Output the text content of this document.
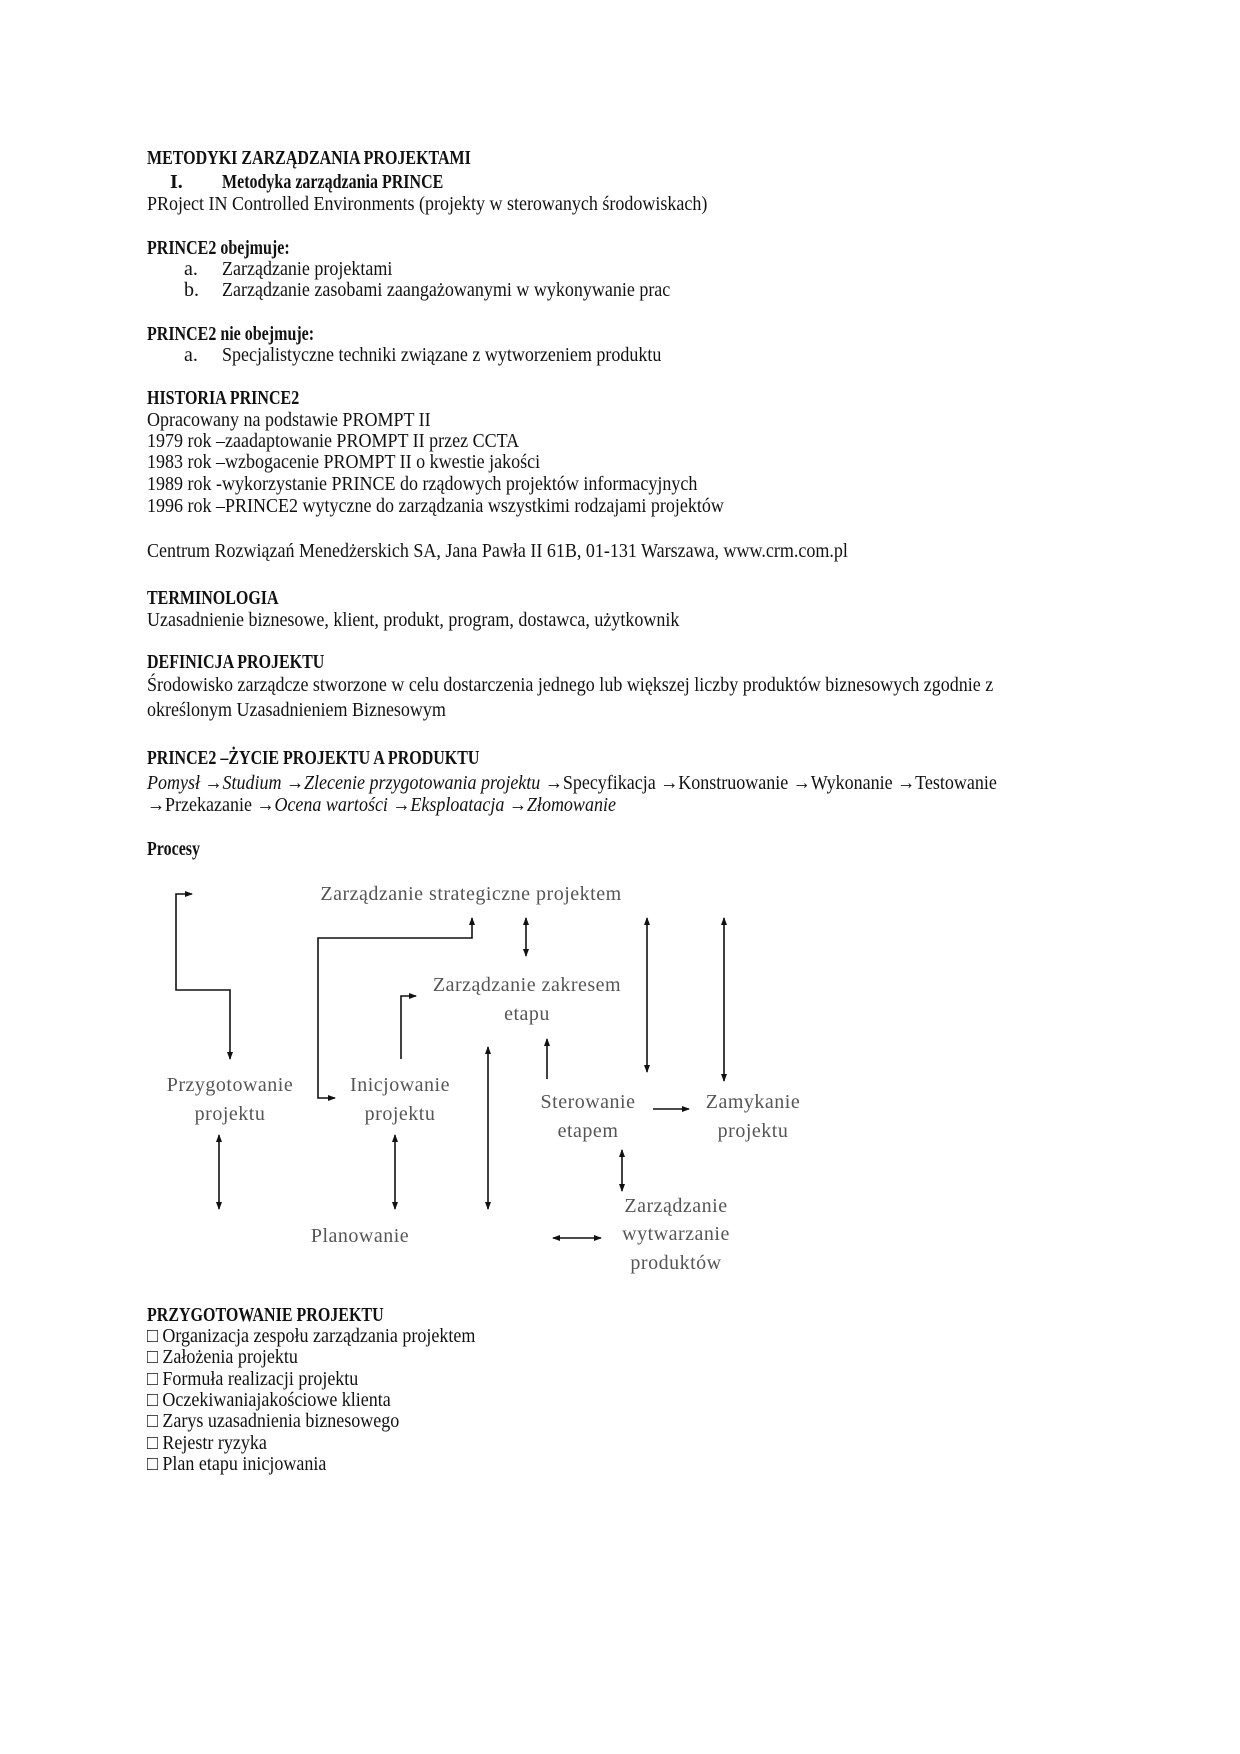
METODYKI ZARZĄDZANIA PROJEKTAMI
I. Metodyka zarządzania PRINCE
PRoject IN Controlled Environments (projekty w sterowanych środowiskach)
PRINCE2 obejmuje:
a. Zarządzanie projektami
b. Zarządzanie zasobami zaangażowanymi w wykonywanie prac
PRINCE2 nie obejmuje:
a. Specjalistyczne techniki związane z wytworzeniem produktu
HISTORIA PRINCE2
Opracowany na podstawie PROMPT II
1979 rok –zaadaptowanie PROMPT II przez CCTA
1983 rok –wzbogacenie PROMPT II o kwestie jakości
1989 rok -wykorzystanie PRINCE do rządowych projektów informacyjnych
1996 rok –PRINCE2 wytyczne do zarządzania wszystkimi rodzajami projektów
Centrum Rozwiązań Menedżerskich SA, Jana Pawła II 61B, 01-131 Warszawa, www.crm.com.pl
TERMINOLOGIA
Uzasadnienie biznesowe, klient, produkt, program, dostawca, użytkownik
DEFINICJA PROJEKTU
Środowisko zarządcze stworzone w celu dostarczenia jednego lub większej liczby produktów biznesowych zgodnie z
określonym Uzasadnieniem Biznesowym
PRINCE2 –ŻYCIE PROJEKTU A PRODUKTU
Pomysł →Studium →Zlecenie przygotowania projektu →Specyfikacja →Konstruowanie →Wykonanie →Testowanie
→Przekazanie →Ocena wartości →Eksploatacja →Złomowanie
Procesy
Zarządzanie strategiczne projektem
Zarządzanie zakresem
etapu
Przygotowanie
projektu
Inicjowanie
projektu
Sterowanie
etapem
Zamykanie
projektu
Planowanie
Zarządzanie
wytwarzanie
produktów
PRZYGOTOWANIE PROJEKTU
□ Organizacja zespołu zarządzania projektem
□ Założenia projektu
□ Formuła realizacji projektu
□ Oczekiwaniajakościowe klienta
□ Zarys uzasadnienia biznesowego
□ Rejestr ryzyka
□ Plan etapu inicjowania
